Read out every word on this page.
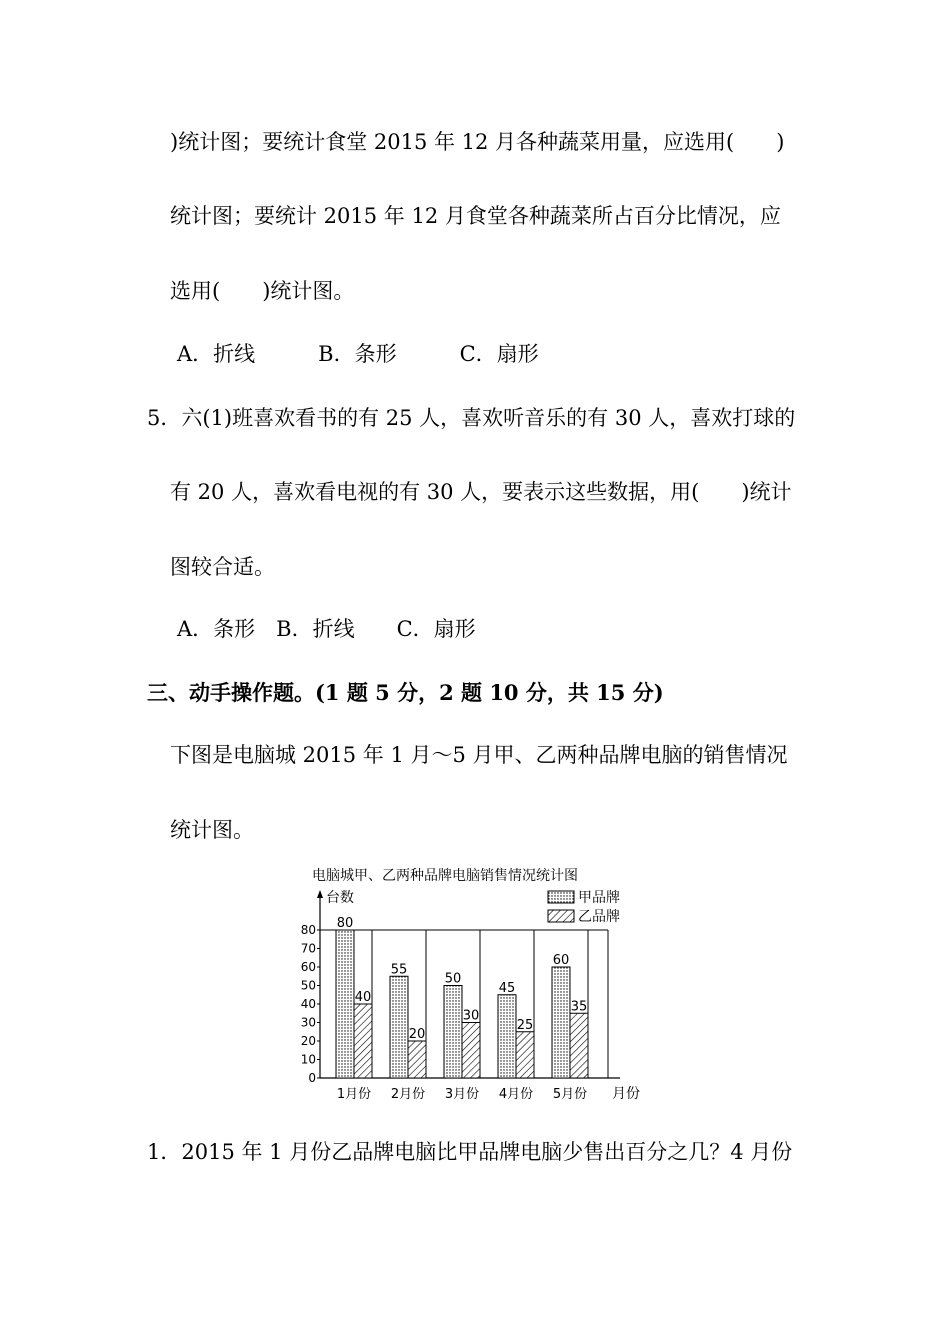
)统计图；要统计食堂 2015 年 12 月各种蔬菜用量，应选用(　　)
统计图；要统计 2015 年 12 月食堂各种蔬菜所占百分比情况，应
选用(　　)统计图。
A．折线　　　B．条形　　　C．扇形
5．六(1)班喜欢看书的有 25 人，喜欢听音乐的有 30 人，喜欢打球的
有 20 人，喜欢看电视的有 30 人，要表示这些数据，用(　　)统计
图较合适。
A．条形 B．折线　　C．扇形
三、动手操作题。(1 题 5 分，2 题 10 分，共 15 分)
下图是电脑城 2015 年 1 月～5 月甲、乙两种品牌电脑的销售情况
统计图。
电脑城甲、乙两种品牌电脑销售情况统计图
台数
月份
甲品牌
乙品牌
0
10
20
30
40
50
60
70
80 80
40
1月份
55
20
2月份
50
30
3月份
45
25
4月份
60
35
5月份
1．2015 年 1 月份乙品牌电脑比甲品牌电脑少售出百分之几？4 月份
